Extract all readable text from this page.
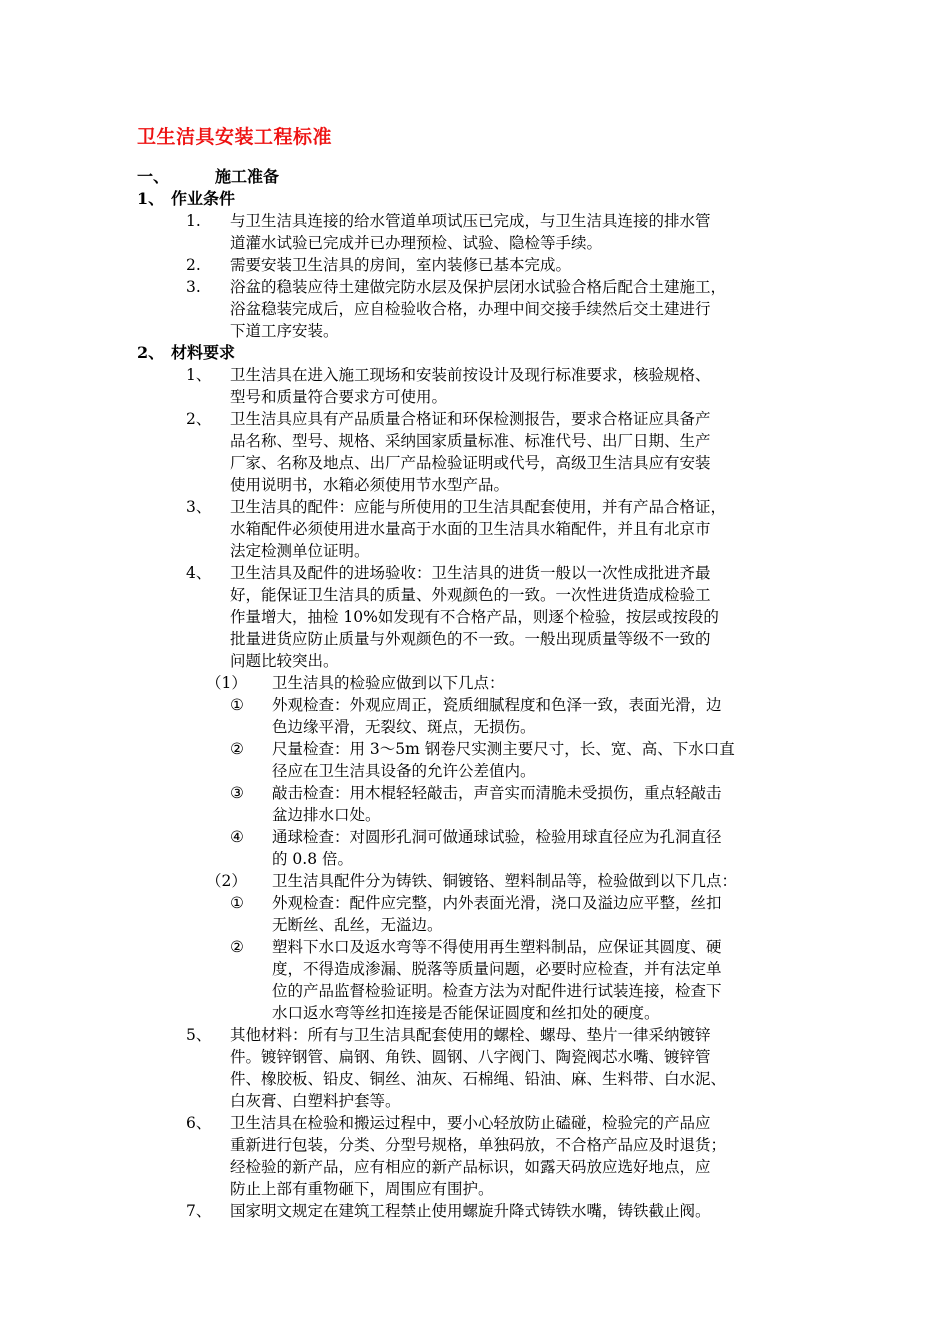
卫生洁具安装工程标准
一、	施工准备
1、 作业条件
1. 与卫生洁具连接的给水管道单项试压已完成，与卫生洁具连接的排水管
道灌水试验已完成并已办理预检、试验、隐检等手续。
2. 需要安装卫生洁具的房间，室内装修已基本完成。
3. 浴盆的稳装应待土建做完防水层及保护层闭水试验合格后配合土建施工，
浴盆稳装完成后，应自检验收合格，办理中间交接手续然后交土建进行
下道工序安装。
2、 材料要求
1、 卫生洁具在进入施工现场和安装前按设计及现行标准要求，核验规格、
型号和质量符合要求方可使用。
2、 卫生洁具应具有产品质量合格证和环保检测报告，要求合格证应具备产
品名称、型号、规格、采纳国家质量标准、标准代号、出厂日期、生产
厂家、名称及地点、出厂产品检验证明或代号，高级卫生洁具应有安装
使用说明书，水箱必须使用节水型产品。
3、 卫生洁具的配件：应能与所使用的卫生洁具配套使用，并有产品合格证，
水箱配件必须使用进水量高于水面的卫生洁具水箱配件，并且有北京市
法定检测单位证明。
4、 卫生洁具及配件的进场验收：卫生洁具的进货一般以一次性成批进齐最
好，能保证卫生洁具的质量、外观颜色的一致。一次性进货造成检验工
作量增大，抽检 10%如发现有不合格产品，则逐个检验，按层或按段的
批量进货应防止质量与外观颜色的不一致。一般出现质量等级不一致的
问题比较突出。
（1） 卫生洁具的检验应做到以下几点：
① 外观检查：外观应周正，瓷质细腻程度和色泽一致，表面光滑，边
色边缘平滑，无裂纹、斑点，无损伤。
② 尺量检查：用 3～5m 钢卷尺实测主要尺寸，长、宽、高、下水口直
径应在卫生洁具设备的允许公差值内。
③ 敲击检查：用木棍轻轻敲击，声音实而清脆未受损伤，重点轻敲击
盆边排水口处。
④ 通球检查：对圆形孔洞可做通球试验，检验用球直径应为孔洞直径
的 0.8 倍。
（2） 卫生洁具配件分为铸铁、铜镀铬、塑料制品等，检验做到以下几点：
① 外观检查：配件应完整，内外表面光滑，浇口及溢边应平整，丝扣
无断丝、乱丝，无溢边。
② 塑料下水口及返水弯等不得使用再生塑料制品，应保证其圆度、硬
度，不得造成渗漏、脱落等质量问题，必要时应检查，并有法定单
位的产品监督检验证明。检查方法为对配件进行试装连接，检查下
水口返水弯等丝扣连接是否能保证圆度和丝扣处的硬度。
5、 其他材料：所有与卫生洁具配套使用的螺栓、螺母、垫片一律采纳镀锌
件。镀锌钢管、扁钢、角铁、圆钢、八字阀门、陶瓷阀芯水嘴、镀锌管
件、橡胶板、铅皮、铜丝、油灰、石棉绳、铅油、麻、生料带、白水泥、
白灰膏、白塑料护套等。
6、 卫生洁具在检验和搬运过程中，要小心轻放防止磕碰，检验完的产品应
重新进行包装，分类、分型号规格，单独码放，不合格产品应及时退货；
经检验的新产品，应有相应的新产品标识，如露天码放应选好地点，应
防止上部有重物砸下，周围应有围护。
7、 国家明文规定在建筑工程禁止使用螺旋升降式铸铁水嘴，铸铁截止阀。
